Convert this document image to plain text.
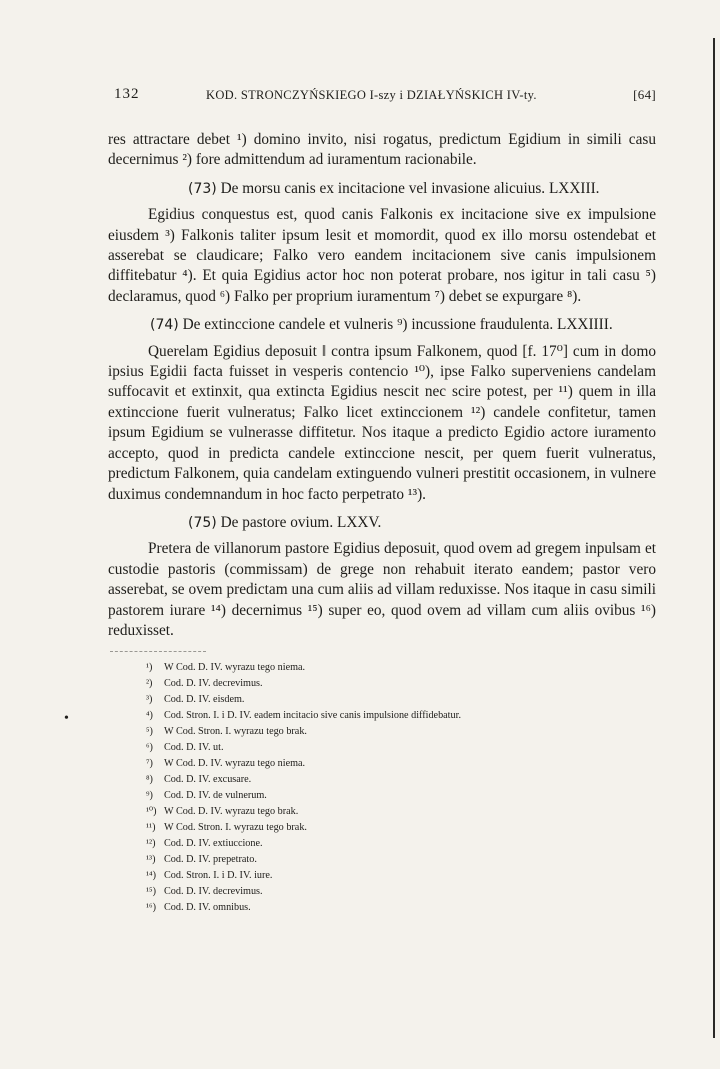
•
132	KOD. STRONCZYŃSKIEGO I-szy i DZIAŁYŃSKICH IV-ty.	[64]

res attractare debet ¹) domino invito, nisi rogatus, predictum Egidium in simili casu decernimus ²) fore admittendum ad iuramentum racionabile.

(73) De morsu canis ex incitacione vel invasione alicuius. LXXIII.

Egidius conquestus est, quod canis Falkonis ex incitacione sive ex impulsione eiusdem ³) Falkonis taliter ipsum lesit et momordit, quod ex illo morsu ostendebat et asserebat se claudicare; Falko vero eandem incitacionem sive canis impulsionem diffitebatur ⁴). Et quia Egidius actor hoc non poterat probare, nos igitur in tali casu ⁵) declaramus, quod ⁶) Falko per proprium iuramentum ⁷) debet se expurgare ⁸).

(74) De extinccione candele et vulneris ⁹) incussione fraudulenta. LXXIIII.

Querelam Egidius deposuit ‖ contra ipsum Falkonem, quod [f. 17⁰] cum in domo ipsius Egidii facta fuisset in vesperis contencio ¹⁰), ipse Falko superveniens candelam suffocavit et extinxit, qua extincta Egidius nescit nec scire potest, per ¹¹) quem in illa extinccione fuerit vulneratus; Falko licet extinccionem ¹²) candele confitetur, tamen ipsum Egidium se vulnerasse diffitetur. Nos itaque a predicto Egidio actore iuramento accepto, quod in predicta candele extinccione nescit, per quem fuerit vulneratus, predictum Falkonem, quia candelam extinguendo vulneri prestitit occasionem, in vulnere duximus condemnandum in hoc facto perpetrato ¹³).

(75) De pastore ovium. LXXV.

Pretera de villanorum pastore Egidius deposuit, quod ovem ad gregem inpulsam et custodie pastoris (commissam) de grege non rehabuit iterato eandem; pastor vero asserebat, se ovem predictam una cum aliis ad villam reduxisse. Nos itaque in casu simili pastorem iurare ¹⁴) decernimus ¹⁵) super eo, quod ovem ad villam cum aliis ovibus ¹⁶) reduxisset.

¹) W Cod. D. IV. wyrazu tego niema.
²) Cod. D. IV. decrevimus.
³) Cod. D. IV. eisdem.
⁴) Cod. Stron. I. i D. IV. eadem incitacio sive canis impulsione diffidebatur.
⁵) W Cod. Stron. I. wyrazu tego brak.
⁶) Cod. D. IV. ut.
⁷) W Cod. D. IV. wyrazu tego niema.
⁸) Cod. D. IV. excusare.
⁹) Cod. D. IV. de vulnerum.
¹⁰) W Cod. D. IV. wyrazu tego brak.
¹¹) W Cod. Stron. I. wyrazu tego brak.
¹²) Cod. D. IV. extiuccione.
¹³) Cod. D. IV. prepetrato.
¹⁴) Cod. Stron. I. i D. IV. iure.
¹⁵) Cod. D. IV. decrevimus.
¹⁶) Cod. D. IV. omnibus.
